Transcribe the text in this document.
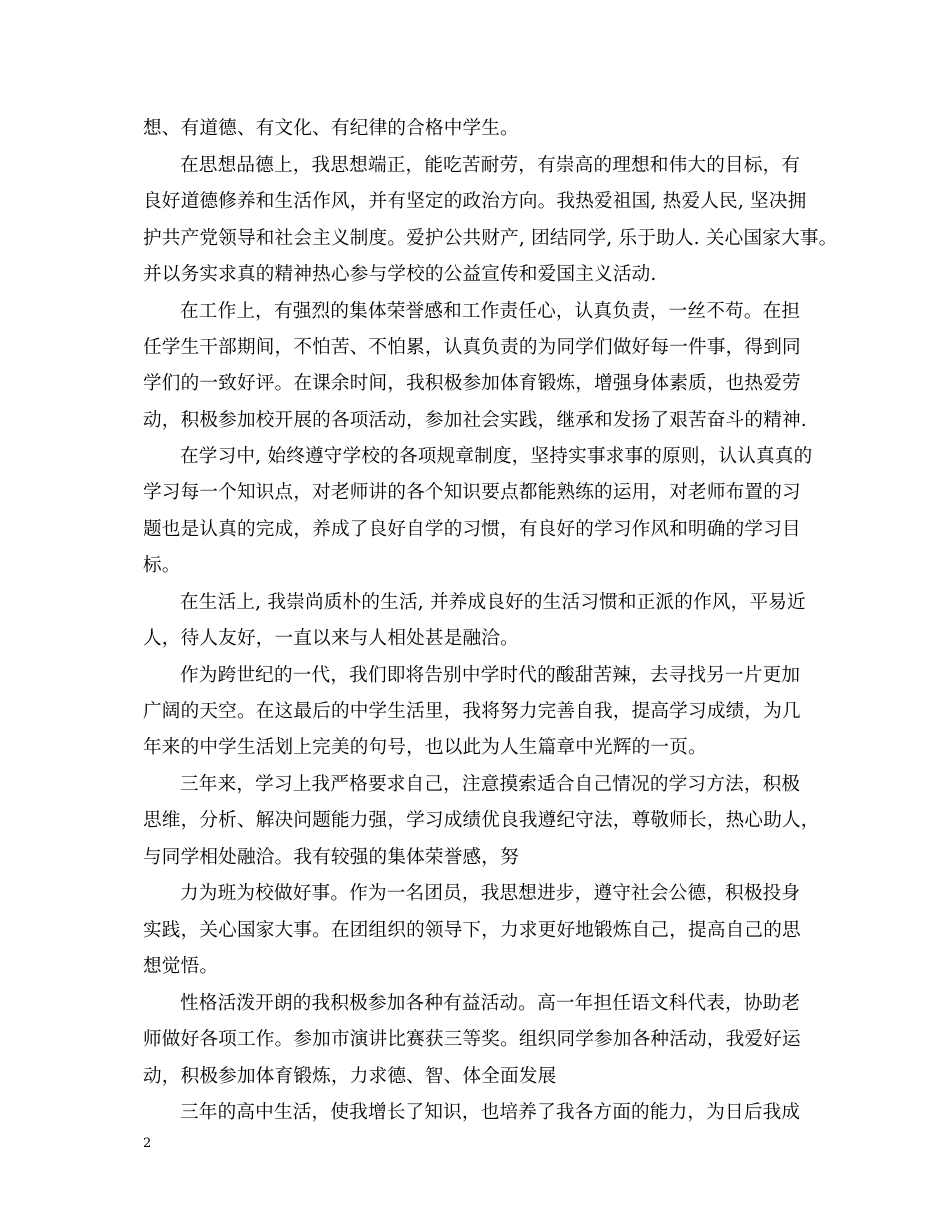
想、有道德、有文化、有纪律的合格中学生。
在思想品德上，我思想端正，能吃苦耐劳，有崇高的理想和伟大的目标，有
良好道德修养和生活作风，并有坚定的政治方向。我热爱祖国, 热爱人民, 坚决拥
护共产党领导和社会主义制度。爱护公共财产, 团结同学, 乐于助人. 关心国家大事。
并以务实求真的精神热心参与学校的公益宣传和爱国主义活动.
在工作上，有强烈的集体荣誉感和工作责任心，认真负责，一丝不苟。在担
任学生干部期间，不怕苦、不怕累，认真负责的为同学们做好每一件事，得到同
学们的一致好评。在课余时间，我积极参加体育锻炼，增强身体素质，也热爱劳
动，积极参加校开展的各项活动，参加社会实践，继承和发扬了艰苦奋斗的精神.
在学习中, 始终遵守学校的各项规章制度，坚持实事求事的原则，认认真真的
学习每一个知识点，对老师讲的各个知识要点都能熟练的运用，对老师布置的习
题也是认真的完成，养成了良好自学的习惯，有良好的学习作风和明确的学习目
标。
在生活上, 我崇尚质朴的生活, 并养成良好的生活习惯和正派的作风，平易近
人，待人友好，一直以来与人相处甚是融洽。
作为跨世纪的一代，我们即将告别中学时代的酸甜苦辣，去寻找另一片更加
广阔的天空。在这最后的中学生活里，我将努力完善自我，提高学习成绩，为几
年来的中学生活划上完美的句号，也以此为人生篇章中光辉的一页。
三年来，学习上我严格要求自己，注意摸索适合自己情况的学习方法，积极
思维，分析、解决问题能力强，学习成绩优良我遵纪守法，尊敬师长，热心助人，
与同学相处融洽。我有较强的集体荣誉感，努
力为班为校做好事。作为一名团员，我思想进步，遵守社会公德，积极投身
实践，关心国家大事。在团组织的领导下，力求更好地锻炼自己，提高自己的思
想觉悟。
性格活泼开朗的我积极参加各种有益活动。高一年担任语文科代表，协助老
师做好各项工作。参加市演讲比赛获三等奖。组织同学参加各种活动，我爱好运
动，积极参加体育锻炼，力求德、智、体全面发展
三年的高中生活，使我增长了知识，也培养了我各方面的能力，为日后我成
2
